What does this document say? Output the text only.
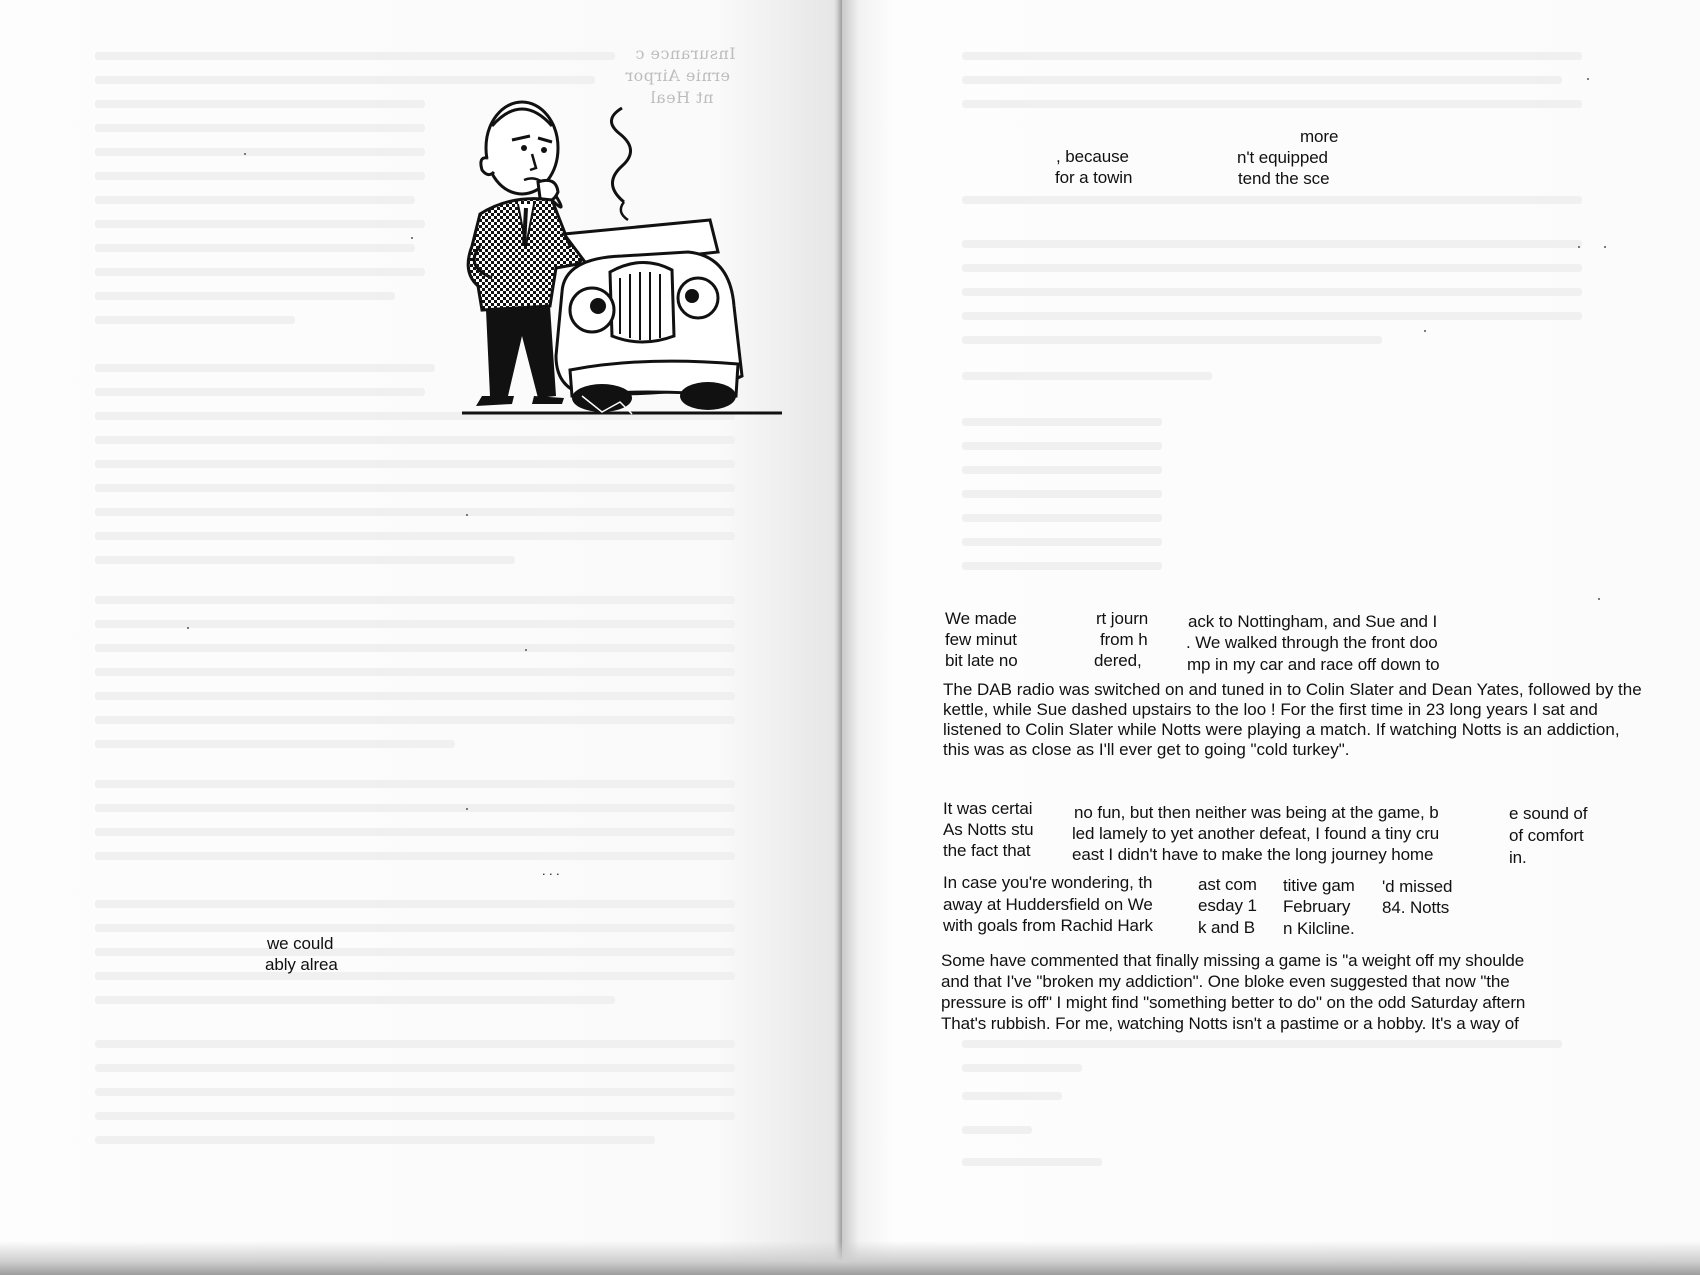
Insurance c
ernie Airpor
nt Heal
we could
ably alrea
. . .
more
, because	n't equipped
for a towin	tend the sce
We made
few minut
bit late no
rt journ
from h
dered,
ack to Nottingham, and Sue and I
. We walked through the front doo
mp in my car and race off down to
The DAB radio was switched on and tuned in to Colin Slater and Dean Yates, followed by the kettle, while Sue dashed upstairs to the loo ! For the first time in 23 long years I sat and listened to Colin Slater while Notts were playing a match. If watching Notts is an addiction, this was as close as I'll ever get to going "cold turkey".
It was certai
As Notts stu
the fact that
no fun, but then neither was being at the game, b
led lamely to yet another defeat, I found a tiny cru
east I didn't have to make the long journey home
e sound of
of comfort
in.
In case you're wondering, th
away at Huddersfield on We
with goals from Rachid Hark
ast com
esday 1
k and B
titive gam
February
n Kilcline.
'd missed
84. Notts
Some have commented that finally missing a game is "a weight off my shoulde
and that I've "broken my addiction". One bloke even suggested that now "the
pressure is off" I might find "something better to do" on the odd Saturday aftern
That's rubbish. For me, watching Notts isn't a pastime or a hobby. It's a way of
